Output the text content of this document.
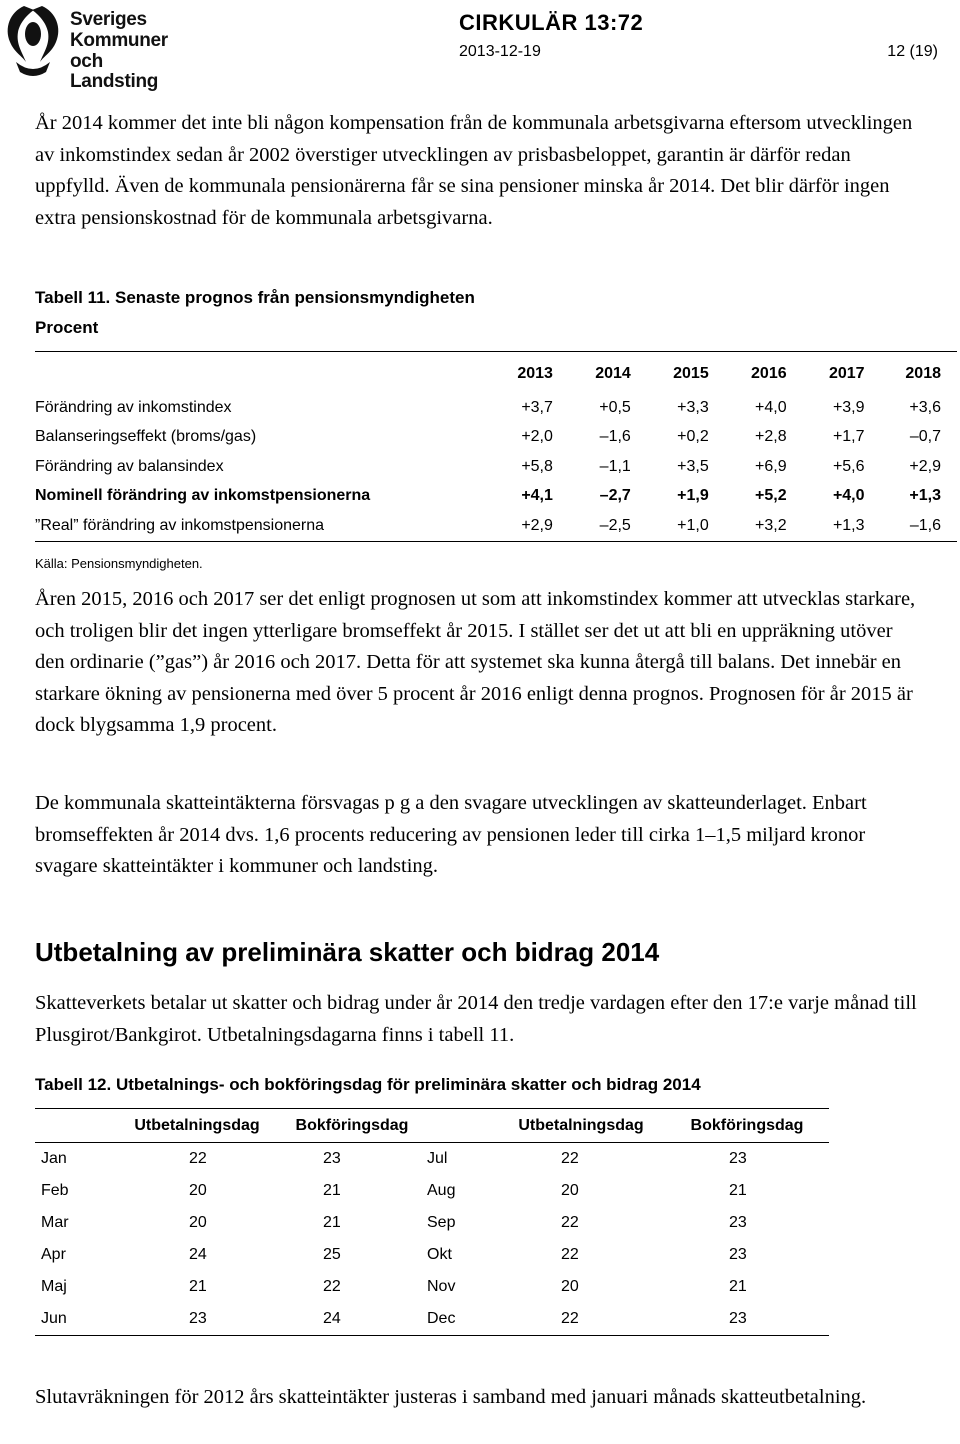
Sveriges
Kommuner
och Landsting
CIRKULÄR 13:72
2013-12-19	12 (19)

År 2014 kommer det inte bli någon kompensation från de kommunala arbetsgivarna eftersom utvecklingen av inkomstindex sedan år 2002 överstiger utvecklingen av prisbasbeloppet, garantin är därför redan uppfylld. Även de kommunala pensionärerna får se sina pensioner minska år 2014. Det blir därför ingen extra pensionskostnad för de kommunala arbetsgivarna.

Tabell 11. Senaste prognos från pensionsmyndigheten
Procent
	2013	2014	2015	2016	2017	2018
Förändring av inkomstindex	+3,7	+0,5	+3,3	+4,0	+3,9	+3,6
Balanseringseffekt (broms/gas)	+2,0	–1,6	+0,2	+2,8	+1,7	–0,7
Förändring av balansindex	+5,8	–1,1	+3,5	+6,9	+5,6	+2,9
Nominell förändring av inkomstpensionerna	+4,1	–2,7	+1,9	+5,2	+4,0	+1,3
”Real” förändring av inkomstpensionerna	+2,9	–2,5	+1,0	+3,2	+1,3	–1,6
Källa: Pensionsmyndigheten.

Åren 2015, 2016 och 2017 ser det enligt prognosen ut som att inkomstindex kommer att utvecklas starkare, och troligen blir det ingen ytterligare bromseffekt år 2015. I stället ser det ut att bli en uppräkning utöver den ordinarie (”gas”) år 2016 och 2017. Detta för att systemet ska kunna återgå till balans. Det innebär en starkare ökning av pensionerna med över 5 procent år 2016 enligt denna prognos. Prognosen för år 2015 är dock blygsamma 1,9 procent.

De kommunala skatteintäkterna försvagas p g a den svagare utvecklingen av skatteunderlaget. Enbart bromseffekten år 2014 dvs. 1,6 procents reducering av pensionen leder till cirka 1–1,5 miljard kronor svagare skatteintäkter i kommuner och landsting.

Utbetalning av preliminära skatter och bidrag 2014

Skatteverkets betalar ut skatter och bidrag under år 2014 den tredje vardagen efter den 17:e varje månad till Plusgirot/Bankgirot. Utbetalningsdagarna finns i tabell 11.

Tabell 12. Utbetalnings- och bokföringsdag för preliminära skatter och bidrag 2014
	Utbetalningsdag	Bokföringsdag		Utbetalningsdag	Bokföringsdag
Jan	22	23	Jul	22	23
Feb	20	21	Aug	20	21
Mar	20	21	Sep	22	23
Apr	24	25	Okt	22	23
Maj	21	22	Nov	20	21
Jun	23	24	Dec	22	23

Slutavräkningen för 2012 års skatteintäkter justeras i samband med januari månads skatteutbetalning.
